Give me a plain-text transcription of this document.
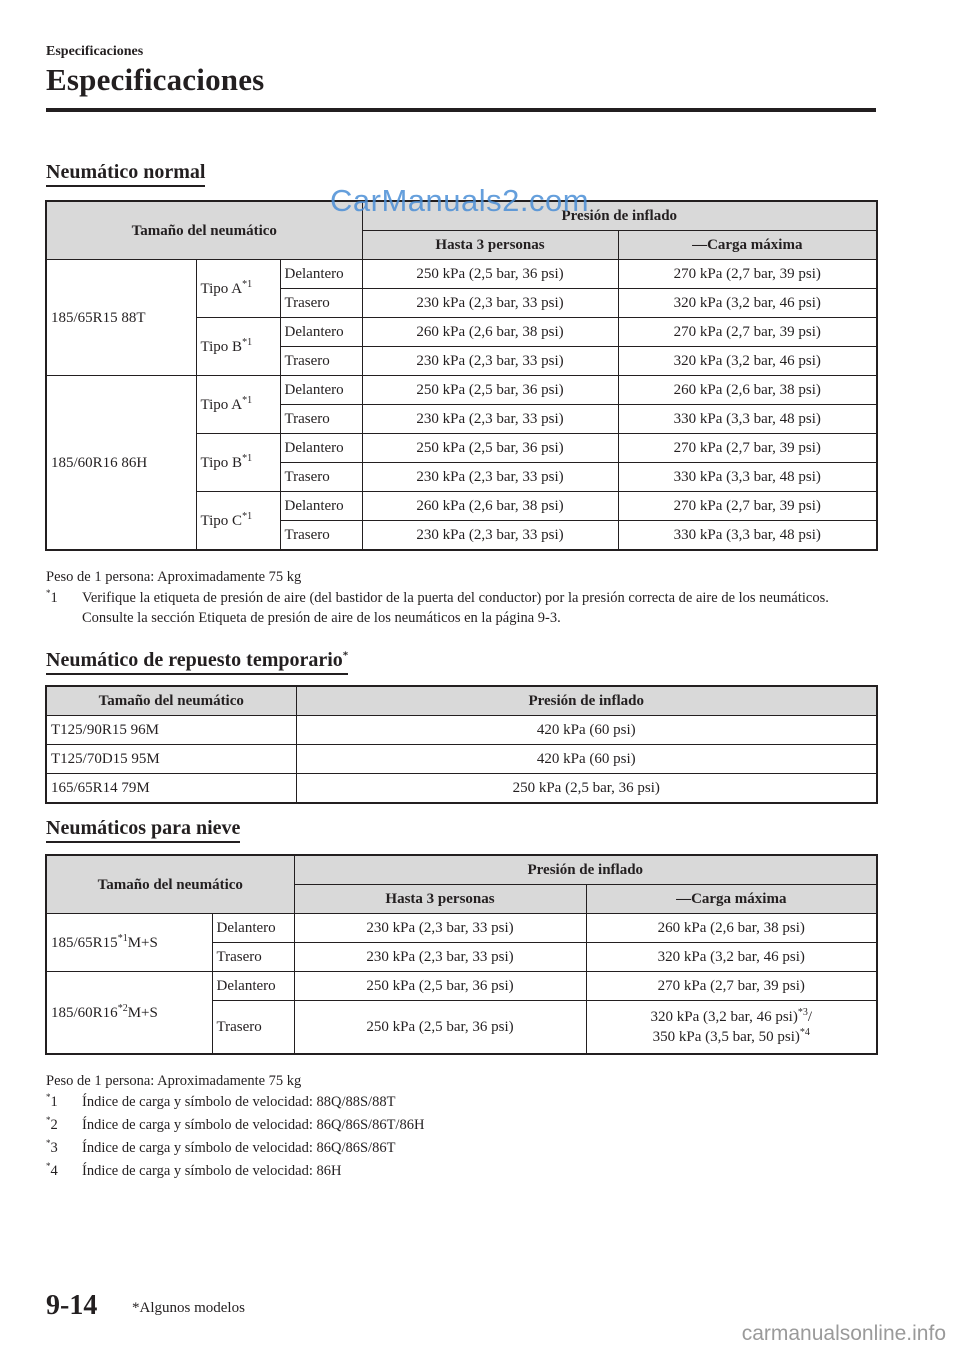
Especificaciones
Especificaciones
Neumático normal
Tamaño del neumático			Presión de inflado	
			Hasta 3 personas	—Carga máxima
185/65R15 88T	Tipo $A^{*1}$	Delantero	250 kPa (2,5 bar, 36 psi)	270 kPa (2,7 bar, 39 psi)
		Trasero	230 kPa (2,3 bar, 33 psi)	320 kPa (3,2 bar, 46 psi)
	Tipo $B^{*1}$	Delantero	260 kPa (2,6 bar, 38 psi)	270 kPa (2,7 bar, 39 psi)
		Trasero	230 kPa (2,3 bar, 33 psi)	320 kPa (3,2 bar, 46 psi)
185/60R16 86H	Tipo $A^{*1}$	Delantero	250 kPa (2,5 bar, 36 psi)	260 kPa (2,6 bar, 38 psi)
		Trasero	230 kPa (2,3 bar, 33 psi)	330 kPa (3,3 bar, 48 psi)
	Tipo $B^{*1}$	Delantero	250 kPa (2,5 bar, 36 psi)	270 kPa (2,7 bar, 39 psi)
		Trasero	230 kPa (2,3 bar, 33 psi)	330 kPa (3,3 bar, 48 psi)
	Tipo $C^{*1}$	Delantero	260 kPa (2,6 bar, 38 psi)	270 kPa (2,7 bar, 39 psi)
		Trasero	230 kPa (2,3 bar, 33 psi)	330 kPa (3,3 bar, 48 psi)
CarManuals2.com
Peso de 1 persona: Aproximadamente 75 kg
*1 Verifique la etiqueta de presión de aire (del bastidor de la puerta del conductor) por la presión correcta de aire de los neumáticos. Consulte la sección Etiqueta de presión de aire de los neumáticos en la página 9-3.
Neumático de repuesto temporario*
Tamaño del neumático	Presión de inflado
T125/90R15 96M	420 kPa (60 psi)
T125/70D15 95M	420 kPa (60 psi)
165/65R14 79M	250 kPa (2,5 bar, 36 psi)
Neumáticos para nieve
Tamaño del neumático		Presión de inflado	
		Hasta 3 personas	—Carga máxima
$185/65R15^{*1}M+S$	Delantero	230 kPa (2,3 bar, 33 psi)	260 kPa (2,6 bar, 38 psi)
	Trasero	230 kPa (2,3 bar, 33 psi)	320 kPa (3,2 bar, 46 psi)
$185/60R16^{*2}M+S$	Delantero	250 kPa (2,5 bar, 36 psi)	270 kPa (2,7 bar, 39 psi)
	Trasero	250 kPa (2,5 bar, 36 psi)	320 kPa (3,2 bar, 46 psi)$^{*3}$/
350 kPa (3,5 bar, 50 psi)$^{*4}$
Peso de 1 persona: Aproximadamente 75 kg
*1 Índice de carga y símbolo de velocidad: 88Q/88S/88T
*2 Índice de carga y símbolo de velocidad: 86Q/86S/86T/86H
*3 Índice de carga y símbolo de velocidad: 86Q/86S/86T
*4 Índice de carga y símbolo de velocidad: 86H
9-14 *Algunos modelos
carmanualsonline.info
